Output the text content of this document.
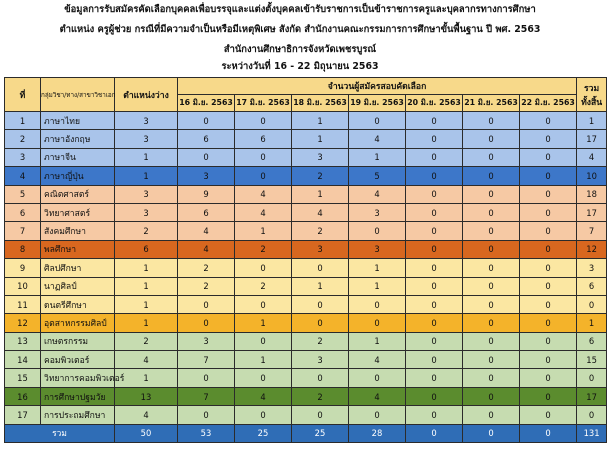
ข้อมูลการรับสมัครคัดเลือกบุคคลเพื่อบรรจุและแต่งตั้งบุคคลเข้ารับราชการเป็นข้าราชการครูและบุคลากรทางการศึกษา
ตำแหน่ง ครูผู้ช่วย กรณีที่มีความจำเป็นหรือมีเหตุพิเศษ สังกัด สำนักงานคณะกรรมการการศึกษาขั้นพื้นฐาน ปี พศ. 2563
สำนักงานศึกษาธิการจังหวัดเพชรบูรณ์
ระหว่างวันที่ 16 - 22 มิถุนายน 2563
ที่	กลุ่มวิชา/ทาง/สาขาวิชาเอก	ตำแหน่งว่าง	จำนวนผู้สมัครสอบคัดเลือก							รวม
ทั้งสิ้น

			16 มิ.ย. 2563	17 มิ.ย. 2563	18 มิ.ย. 2563	19 มิ.ย. 2563	20 มิ.ย. 2563	21 มิ.ย. 2563	22 มิ.ย. 2563	
1	ภาษาไทย	3	0	0	1	0	0	0	0	1
2	ภาษาอังกฤษ	3	6	6	1	4	0	0	0	17
3	ภาษาจีน	1	0	0	3	1	0	0	0	4
4	ภาษาญี่ปุ่น	1	3	0	2	5	0	0	0	10
5	คณิตศาสตร์	3	9	4	1	4	0	0	0	18
6	วิทยาศาสตร์	3	6	4	4	3	0	0	0	17
7	สังคมศึกษา	2	4	1	2	0	0	0	0	7
8	พลศึกษา	6	4	2	3	3	0	0	0	12
9	ศิลปศึกษา	1	2	0	0	1	0	0	0	3
10	นาฏศิลป์	1	2	2	1	1	0	0	0	6
11	ดนตรีศึกษา	1	0	0	0	0	0	0	0	0
12	อุตสาหกรรมศิลป์	1	0	1	0	0	0	0	0	1
13	เกษตรกรรม	2	3	0	2	1	0	0	0	6
14	คอมพิวเตอร์	4	7	1	3	4	0	0	0	15
15	วิทยาการคอมพิวเตอร์	1	0	0	0	0	0	0	0	0
16	การศึกษาปฐมวัย	13	7	4	2	4	0	0	0	17
17	การประถมศึกษา	4	0	0	0	0	0	0	0	0
รวม		50	53	25	25	28	0	0	0	131
